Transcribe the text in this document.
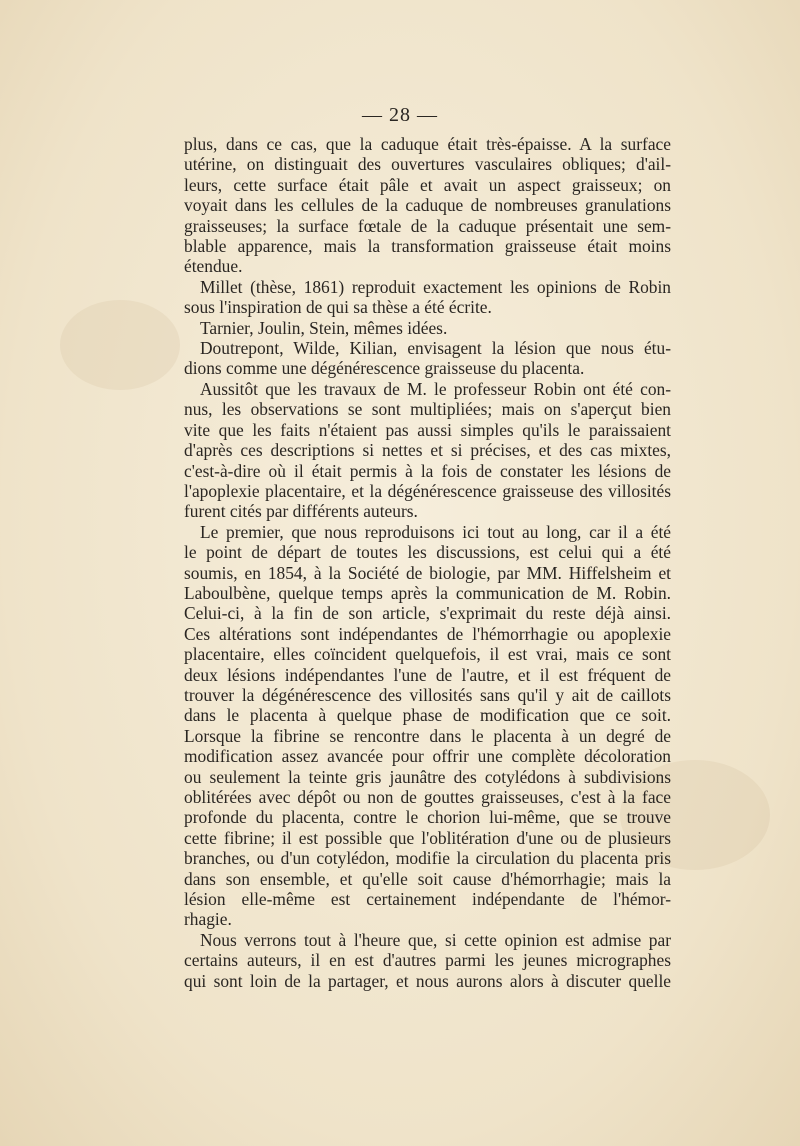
— 28 —
plus, dans ce cas, que la caduque était très-épaisse. A la surface
utérine, on distinguait des ouvertures vasculaires obliques; d'ail-
leurs, cette surface était pâle et avait un aspect graisseux; on
voyait dans les cellules de la caduque de nombreuses granulations
graisseuses; la surface fœtale de la caduque présentait une sem-
blable apparence, mais la transformation graisseuse était moins
étendue.
Millet (thèse, 1861) reproduit exactement les opinions de Robin
sous l'inspiration de qui sa thèse a été écrite.
Tarnier, Joulin, Stein, mêmes idées.
Doutrepont, Wilde, Kilian, envisagent la lésion que nous étu-
dions comme une dégénérescence graisseuse du placenta.
Aussitôt que les travaux de M. le professeur Robin ont été con-
nus, les observations se sont multipliées; mais on s'aperçut bien
vite que les faits n'étaient pas aussi simples qu'ils le paraissaient
d'après ces descriptions si nettes et si précises, et des cas mixtes,
c'est-à-dire où il était permis à la fois de constater les lésions de
l'apoplexie placentaire, et la dégénérescence graisseuse des villosités
furent cités par différents auteurs.
Le premier, que nous reproduisons ici tout au long, car il a été
le point de départ de toutes les discussions, est celui qui a été
soumis, en 1854, à la Société de biologie, par MM. Hiffelsheim et
Laboulbène, quelque temps après la communication de M. Robin.
Celui-ci, à la fin de son article, s'exprimait du reste déjà ainsi.
Ces altérations sont indépendantes de l'hémorrhagie ou apoplexie
placentaire, elles coïncident quelquefois, il est vrai, mais ce sont
deux lésions indépendantes l'une de l'autre, et il est fréquent de
trouver la dégénérescence des villosités sans qu'il y ait de caillots
dans le placenta à quelque phase de modification que ce soit.
Lorsque la fibrine se rencontre dans le placenta à un degré de
modification assez avancée pour offrir une complète décoloration
ou seulement la teinte gris jaunâtre des cotylédons à subdivisions
oblitérées avec dépôt ou non de gouttes graisseuses, c'est à la face
profonde du placenta, contre le chorion lui-même, que se trouve
cette fibrine; il est possible que l'oblitération d'une ou de plusieurs
branches, ou d'un cotylédon, modifie la circulation du placenta pris
dans son ensemble, et qu'elle soit cause d'hémorrhagie; mais la
lésion elle-même est certainement indépendante de l'hémor-
rhagie.
Nous verrons tout à l'heure que, si cette opinion est admise par
certains auteurs, il en est d'autres parmi les jeunes micrographes
qui sont loin de la partager, et nous aurons alors à discuter quelle
